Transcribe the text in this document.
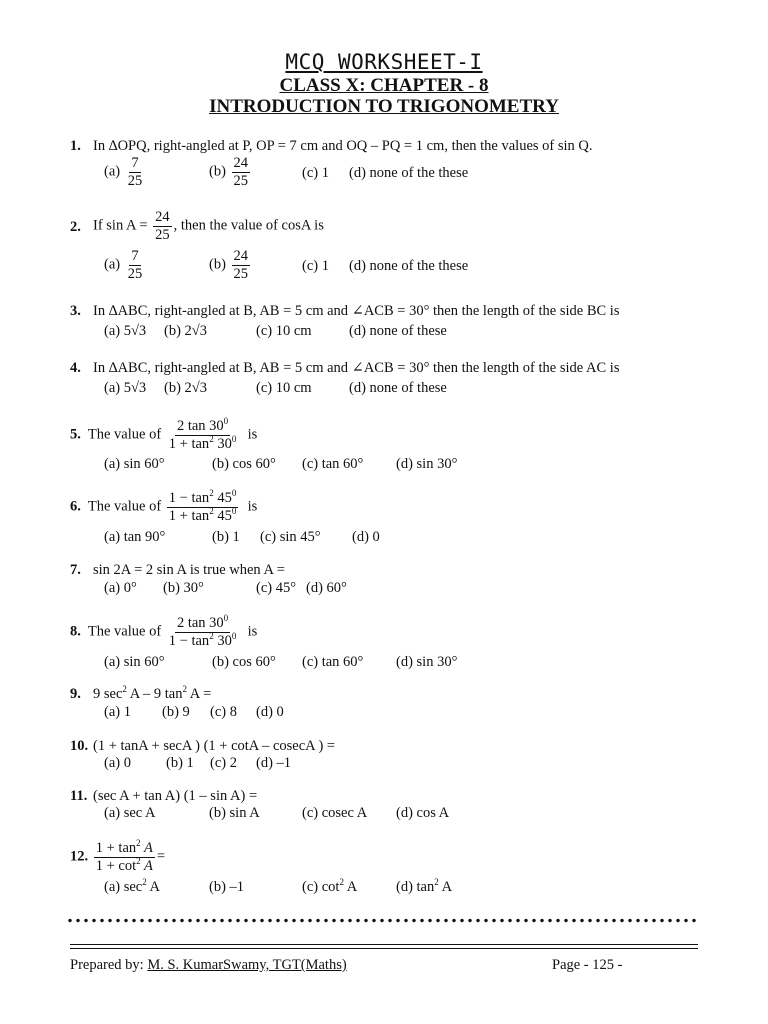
MCQ WORKSHEET-I
CLASS X: CHAPTER - 8
INTRODUCTION TO TRIGONOMETRY
1. In ∆OPQ, right-angled at P, OP = 7 cm and OQ – PQ = 1 cm, then the values of sin Q.
$(a) \frac{7}{25}$	$(b) \frac{24}{25}$	(c) 1 (d) none of the these
2. If $\sin A = \frac{24}{25}$ , then the value of cosA is
$(a) \frac{7}{25}$	$(b) \frac{24}{25}$	(c) 1 (d) none of the these
3. In ∆ABC, right-angled at B, AB = 5 cm and ∠ACB = 30° then the length of the side BC is
(a) 5√3 (b) 2√3	(c) 10 cm	(d) none of these
4. In ∆ABC, right-angled at B, AB = 5 cm and ∠ACB = 30° then the length of the side AC is
(a) 5√3 (b) 2√3	(c) 10 cm	(d) none of these
5. The value of $\frac{2 \tan 30^0}{1 + \tan^2 30^0}$ is
(a) sin 60°	(b) cos 60° (c) tan 60° (d) sin 30°
6. The value of $\frac{1 - \tan^2 45^0}{1 + \tan^2 45^0}$ is
(a) tan 90°	(b) 1 (c) sin 45° (d) 0
7. sin 2A = 2 sin A is true when A =
(a) 0° (b) 30°	(c) 45° (d) 60°
8. The value of $\frac{2 \tan 30^0}{1 - \tan^2 30^0}$ is
(a) sin 60°	(b) cos 60° (c) tan 60° (d) sin 30°
9. 9 $\sec^2 A - 9$ $\tan^2 A$ =
(a) 1 (b) 9 (c) 8 (d) 0
10. (1 + tanA + secA ) (1 + cotA – cosecA ) =
(a) 0 (b) 1 (c) 2 (d) –1
11. (sec A + tan A) (1 – sin A) =
(a) sec A	(b) sin A	(c) cosec A (d) cos A
12. $\frac{1 + \tan^2 A}{1 + \cot^2 A}$ =
(a) $\sec^2 A$	(b) –1	(c) $\cot^2 A$	(d) $\tan^2 A$
Prepared by: M. S. KumarSwamy, TGT(Maths)	Page - 125 -
